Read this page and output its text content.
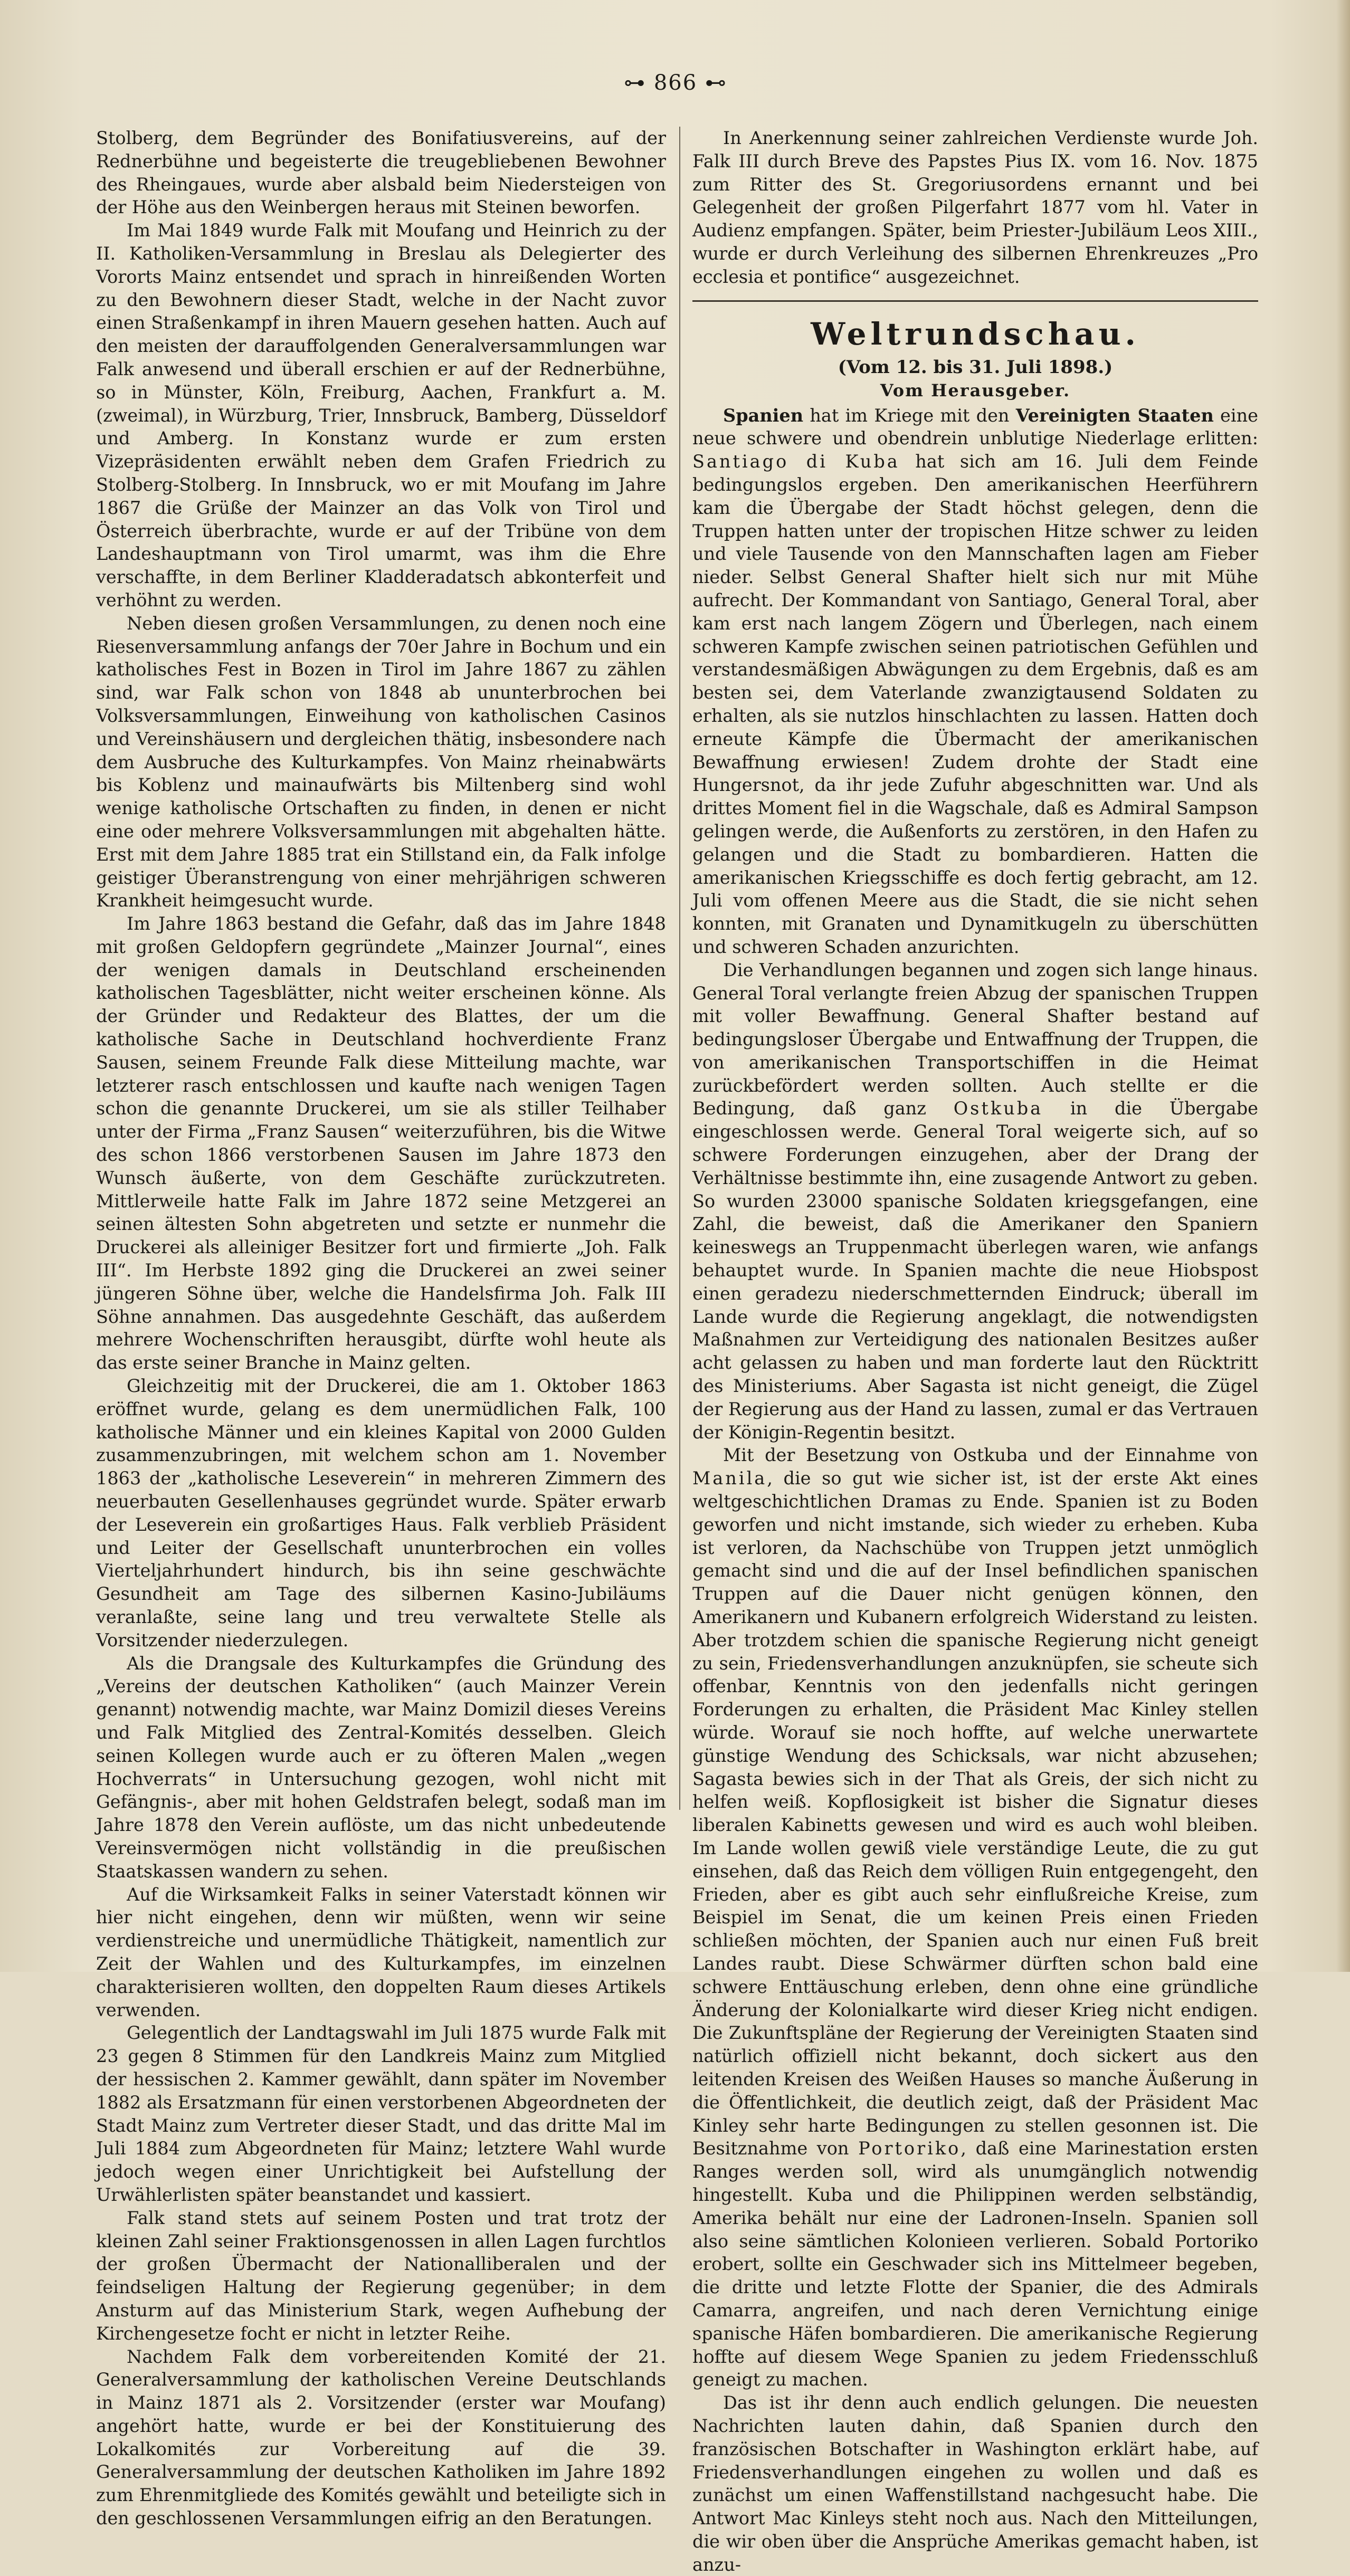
⊶ 866 ⊷

Stolberg, dem Begründer des Bonifatiusvereins, auf der Rednerbühne und begeisterte die treugebliebenen Bewohner des Rheingaues, wurde aber alsbald beim Niedersteigen von der Höhe aus den Weinbergen heraus mit Steinen beworfen.

Im Mai 1849 wurde Falk mit Moufang und Heinrich zu der II. Katholiken-Versammlung in Breslau als Delegierter des Vororts Mainz entsendet und sprach in hinreißenden Worten zu den Bewohnern dieser Stadt, welche in der Nacht zuvor einen Straßenkampf in ihren Mauern gesehen hatten. Auch auf den meisten der darauffolgenden Generalversammlungen war Falk anwesend und überall erschien er auf der Rednerbühne, so in Münster, Köln, Freiburg, Aachen, Frankfurt a. M. (zweimal), in Würzburg, Trier, Innsbruck, Bamberg, Düsseldorf und Amberg. In Konstanz wurde er zum ersten Vizepräsidenten erwählt neben dem Grafen Friedrich zu Stolberg-Stolberg. In Innsbruck, wo er mit Moufang im Jahre 1867 die Grüße der Mainzer an das Volk von Tirol und Österreich überbrachte, wurde er auf der Tribüne von dem Landeshauptmann von Tirol umarmt, was ihm die Ehre verschaffte, in dem Berliner Kladderadatsch abkonterfeit und verhöhnt zu werden.

Neben diesen großen Versammlungen, zu denen noch eine Riesenversammlung anfangs der 70er Jahre in Bochum und ein katholisches Fest in Bozen in Tirol im Jahre 1867 zu zählen sind, war Falk schon von 1848 ab ununterbrochen bei Volksversammlungen, Einweihung von katholischen Casinos und Vereinshäusern und dergleichen thätig, insbesondere nach dem Ausbruche des Kulturkampfes. Von Mainz rheinabwärts bis Koblenz und mainaufwärts bis Miltenberg sind wohl wenige katholische Ortschaften zu finden, in denen er nicht eine oder mehrere Volksversammlungen mit abgehalten hätte. Erst mit dem Jahre 1885 trat ein Stillstand ein, da Falk infolge geistiger Überanstrengung von einer mehrjährigen schweren Krankheit heimgesucht wurde.

Im Jahre 1863 bestand die Gefahr, daß das im Jahre 1848 mit großen Geldopfern gegründete „Mainzer Journal“, eines der wenigen damals in Deutschland erscheinenden katholischen Tagesblätter, nicht weiter erscheinen könne. Als der Gründer und Redakteur des Blattes, der um die katholische Sache in Deutschland hochverdiente Franz Sausen, seinem Freunde Falk diese Mitteilung machte, war letzterer rasch entschlossen und kaufte nach wenigen Tagen schon die genannte Druckerei, um sie als stiller Teilhaber unter der Firma „Franz Sausen“ weiterzuführen, bis die Witwe des schon 1866 verstorbenen Sausen im Jahre 1873 den Wunsch äußerte, von dem Geschäfte zurückzutreten. Mittlerweile hatte Falk im Jahre 1872 seine Metzgerei an seinen ältesten Sohn abgetreten und setzte er nunmehr die Druckerei als alleiniger Besitzer fort und firmierte „Joh. Falk III“. Im Herbste 1892 ging die Druckerei an zwei seiner jüngeren Söhne über, welche die Handelsfirma Joh. Falk III Söhne annahmen. Das ausgedehnte Geschäft, das außerdem mehrere Wochenschriften herausgibt, dürfte wohl heute als das erste seiner Branche in Mainz gelten.

Gleichzeitig mit der Druckerei, die am 1. Oktober 1863 eröffnet wurde, gelang es dem unermüdlichen Falk, 100 katholische Männer und ein kleines Kapital von 2000 Gulden zusammenzubringen, mit welchem schon am 1. November 1863 der „katholische Leseverein“ in mehreren Zimmern des neuerbauten Gesellenhauses gegründet wurde. Später erwarb der Leseverein ein großartiges Haus. Falk verblieb Präsident und Leiter der Gesellschaft ununterbrochen ein volles Vierteljahrhundert hindurch, bis ihn seine geschwächte Gesundheit am Tage des silbernen Kasino-Jubiläums veranlaßte, seine lang und treu verwaltete Stelle als Vorsitzender niederzulegen.

Als die Drangsale des Kulturkampfes die Gründung des „Vereins der deutschen Katholiken“ (auch Mainzer Verein genannt) notwendig machte, war Mainz Domizil dieses Vereins und Falk Mitglied des Zentral-Komités desselben. Gleich seinen Kollegen wurde auch er zu öfteren Malen „wegen Hochverrats“ in Untersuchung gezogen, wohl nicht mit Gefängnis-, aber mit hohen Geldstrafen belegt, sodaß man im Jahre 1878 den Verein auflöste, um das nicht unbedeutende Vereinsvermögen nicht vollständig in die preußischen Staatskassen wandern zu sehen.

Auf die Wirksamkeit Falks in seiner Vaterstadt können wir hier nicht eingehen, denn wir müßten, wenn wir seine verdienstreiche und unermüdliche Thätigkeit, namentlich zur Zeit der Wahlen und des Kulturkampfes, im einzelnen charakterisieren wollten, den doppelten Raum dieses Artikels verwenden.

Gelegentlich der Landtagswahl im Juli 1875 wurde Falk mit 23 gegen 8 Stimmen für den Landkreis Mainz zum Mitglied der hessischen 2. Kammer gewählt, dann später im November 1882 als Ersatzmann für einen verstorbenen Abgeordneten der Stadt Mainz zum Vertreter dieser Stadt, und das dritte Mal im Juli 1884 zum Abgeordneten für Mainz; letztere Wahl wurde jedoch wegen einer Unrichtigkeit bei Aufstellung der Urwählerlisten später beanstandet und kassiert.

Falk stand stets auf seinem Posten und trat trotz der kleinen Zahl seiner Fraktionsgenossen in allen Lagen furchtlos der großen Übermacht der Nationalliberalen und der feindseligen Haltung der Regierung gegenüber; in dem Ansturm auf das Ministerium Stark, wegen Aufhebung der Kirchengesetze focht er nicht in letzter Reihe.

Nachdem Falk dem vorbereitenden Komité der 21. Generalversammlung der katholischen Vereine Deutschlands in Mainz 1871 als 2. Vorsitzender (erster war Moufang) angehört hatte, wurde er bei der Konstituierung des Lokalkomités zur Vorbereitung auf die 39. Generalversammlung der deutschen Katholiken im Jahre 1892 zum Ehrenmitgliede des Komités gewählt und beteiligte sich in den geschlossenen Versammlungen eifrig an den Beratungen.

In Anerkennung seiner zahlreichen Verdienste wurde Joh. Falk III durch Breve des Papstes Pius IX. vom 16. Nov. 1875 zum Ritter des St. Gregoriusordens ernannt und bei Gelegenheit der großen Pilgerfahrt 1877 vom hl. Vater in Audienz empfangen. Später, beim Priester-Jubiläum Leos XIII., wurde er durch Verleihung des silbernen Ehrenkreuzes „Pro ecclesia et pontifice“ ausgezeichnet.

Weltrundschau.
(Vom 12. bis 31. Juli 1898.)
Vom Herausgeber.

Spanien hat im Kriege mit den Vereinigten Staaten eine neue schwere und obendrein unblutige Niederlage erlitten: Santiago di Kuba hat sich am 16. Juli dem Feinde bedingungslos ergeben. Den amerikanischen Heerführern kam die Übergabe der Stadt höchst gelegen, denn die Truppen hatten unter der tropischen Hitze schwer zu leiden und viele Tausende von den Mannschaften lagen am Fieber nieder. Selbst General Shafter hielt sich nur mit Mühe aufrecht. Der Kommandant von Santiago, General Toral, aber kam erst nach langem Zögern und Überlegen, nach einem schweren Kampfe zwischen seinen patriotischen Gefühlen und verstandesmäßigen Abwägungen zu dem Ergebnis, daß es am besten sei, dem Vaterlande zwanzigtausend Soldaten zu erhalten, als sie nutzlos hinschlachten zu lassen. Hatten doch erneute Kämpfe die Übermacht der amerikanischen Bewaffnung erwiesen! Zudem drohte der Stadt eine Hungersnot, da ihr jede Zufuhr abgeschnitten war. Und als drittes Moment fiel in die Wagschale, daß es Admiral Sampson gelingen werde, die Außenforts zu zerstören, in den Hafen zu gelangen und die Stadt zu bombardieren. Hatten die amerikanischen Kriegsschiffe es doch fertig gebracht, am 12. Juli vom offenen Meere aus die Stadt, die sie nicht sehen konnten, mit Granaten und Dynamitkugeln zu überschütten und schweren Schaden anzurichten.

Die Verhandlungen begannen und zogen sich lange hinaus. General Toral verlangte freien Abzug der spanischen Truppen mit voller Bewaffnung. General Shafter bestand auf bedingungsloser Übergabe und Entwaffnung der Truppen, die von amerikanischen Transportschiffen in die Heimat zurückbefördert werden sollten. Auch stellte er die Bedingung, daß ganz Ostkuba in die Übergabe eingeschlossen werde. General Toral weigerte sich, auf so schwere Forderungen einzugehen, aber der Drang der Verhältnisse bestimmte ihn, eine zusagende Antwort zu geben. So wurden 23000 spanische Soldaten kriegsgefangen, eine Zahl, die beweist, daß die Amerikaner den Spaniern keineswegs an Truppenmacht überlegen waren, wie anfangs behauptet wurde. In Spanien machte die neue Hiobspost einen geradezu niederschmetternden Eindruck; überall im Lande wurde die Regierung angeklagt, die notwendigsten Maßnahmen zur Verteidigung des nationalen Besitzes außer acht gelassen zu haben und man forderte laut den Rücktritt des Ministeriums. Aber Sagasta ist nicht geneigt, die Zügel der Regierung aus der Hand zu lassen, zumal er das Vertrauen der Königin-Regentin besitzt.

Mit der Besetzung von Ostkuba und der Einnahme von Manila, die so gut wie sicher ist, ist der erste Akt eines weltgeschichtlichen Dramas zu Ende. Spanien ist zu Boden geworfen und nicht imstande, sich wieder zu erheben. Kuba ist verloren, da Nachschübe von Truppen jetzt unmöglich gemacht sind und die auf der Insel befindlichen spanischen Truppen auf die Dauer nicht genügen können, den Amerikanern und Kubanern erfolgreich Widerstand zu leisten. Aber trotzdem schien die spanische Regierung nicht geneigt zu sein, Friedensverhandlungen anzuknüpfen, sie scheute sich offenbar, Kenntnis von den jedenfalls nicht geringen Forderungen zu erhalten, die Präsident Mac Kinley stellen würde. Worauf sie noch hoffte, auf welche unerwartete günstige Wendung des Schicksals, war nicht abzusehen; Sagasta bewies sich in der That als Greis, der sich nicht zu helfen weiß. Kopflosigkeit ist bisher die Signatur dieses liberalen Kabinetts gewesen und wird es auch wohl bleiben. Im Lande wollen gewiß viele verständige Leute, die zu gut einsehen, daß das Reich dem völligen Ruin entgegengeht, den Frieden, aber es gibt auch sehr einflußreiche Kreise, zum Beispiel im Senat, die um keinen Preis einen Frieden schließen möchten, der Spanien auch nur einen Fuß breit Landes raubt. Diese Schwärmer dürften schon bald eine schwere Enttäuschung erleben, denn ohne eine gründliche Änderung der Kolonialkarte wird dieser Krieg nicht endigen. Die Zukunftspläne der Regierung der Vereinigten Staaten sind natürlich offiziell nicht bekannt, doch sickert aus den leitenden Kreisen des Weißen Hauses so manche Äußerung in die Öffentlichkeit, die deutlich zeigt, daß der Präsident Mac Kinley sehr harte Bedingungen zu stellen gesonnen ist. Die Besitznahme von Portoriko, daß eine Marinestation ersten Ranges werden soll, wird als unumgänglich notwendig hingestellt. Kuba und die Philippinen werden selbständig, Amerika behält nur eine der Ladronen-Inseln. Spanien soll also seine sämtlichen Kolonieen verlieren. Sobald Portoriko erobert, sollte ein Geschwader sich ins Mittelmeer begeben, die dritte und letzte Flotte der Spanier, die des Admirals Camarra, angreifen, und nach deren Vernichtung einige spanische Häfen bombardieren. Die amerikanische Regierung hoffte auf diesem Wege Spanien zu jedem Friedensschluß geneigt zu machen.

Das ist ihr denn auch endlich gelungen. Die neuesten Nachrichten lauten dahin, daß Spanien durch den französischen Botschafter in Washington erklärt habe, auf Friedensverhandlungen eingehen zu wollen und daß es zunächst um einen Waffenstillstand nachgesucht habe. Die Antwort Mac Kinleys steht noch aus. Nach den Mitteilungen, die wir oben über die Ansprüche Amerikas gemacht haben, ist anzu-
